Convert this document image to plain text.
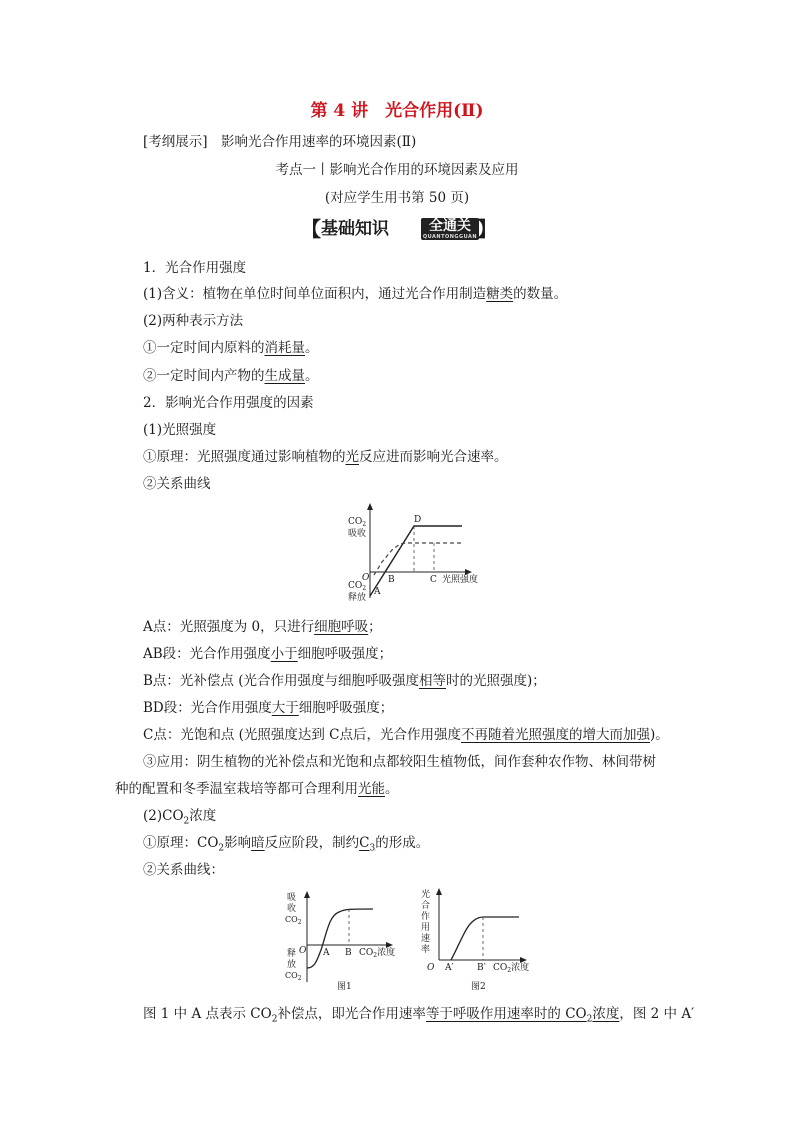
第 4 讲　光合作用(Ⅱ)
[考纲展示]　影响光合作用速率的环境因素(Ⅱ)
考点一丨影响光合作用的环境因素及应用
(对应学生用书第 50 页)
【 基础知识	全通关
QUANTONGGUAN 】
1．光合作用强度
(1)含义：植物在单位时间单位面积内，通过光合作用制造糖类的数量。
(2)两种表示方法
①一定时间内原料的消耗量。
②一定时间内产物的生成量。
2．影响光合作用强度的因素
(1)光照强度
①原理：光照强度通过影响植物的光反应进而影响光合速率。
②关系曲线
$CO_2$
吸收
$CO_2$
释放
O
A
B	C
D
光照强度
A点：光照强度为 0，只进行细胞呼吸；
AB段：光合作用强度小于细胞呼吸强度；
B点：光补偿点 (光合作用强度与细胞呼吸强度相等时的光照强度)；
BD段：光合作用强度大于细胞呼吸强度；
C点：光饱和点 (光照强度达到 C点后，光合作用强度不再随着光照强度的增大而加强)。
③应用：阴生植物的光补偿点和光饱和点都较阳生植物低，间作套种农作物、林间带树
种的配置和冬季温室栽培等都可合理利用光能。
$(2)CO_2$浓度
①原理：$CO_2$影响暗反应阶段，制约$C_3$的形成。
②关系曲线：
吸
收
$CO_2$
释
放
$CO_2$
O A B $CO_2$浓度
图1
光
合
作
用
速
率
O A′	B′ $CO_2$浓度
图2
图 1 中 A 点表示 $CO_2$补偿点，即光合作用速率等于呼吸作用速率时的 $CO_2$浓度，图 2 中 A′
